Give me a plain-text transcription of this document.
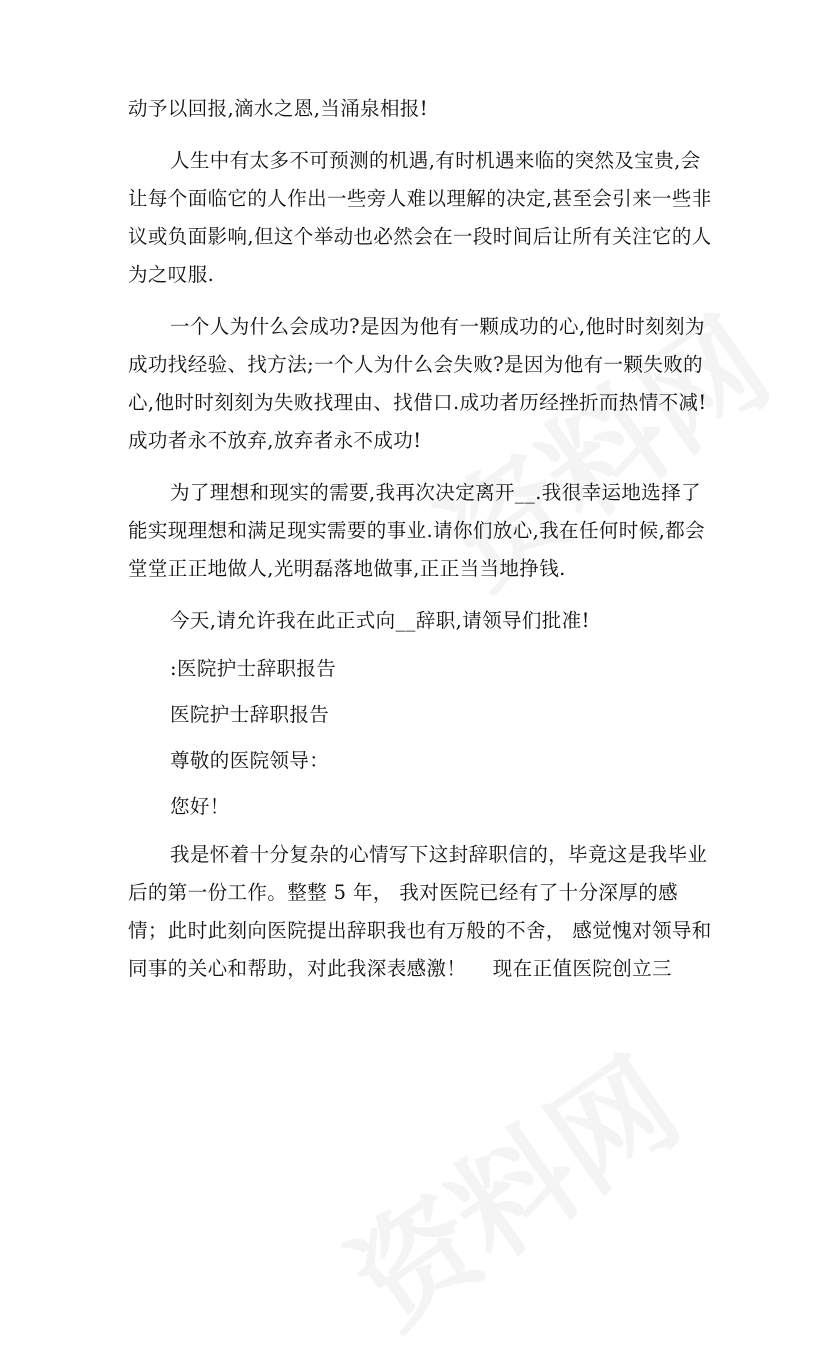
动予以回报,滴水之恩,当涌泉相报!

人生中有太多不可预测的机遇,有时机遇来临的突然及宝贵,会让每个面临它的人作出一些旁人难以理解的决定,甚至会引来一些非议或负面影响,但这个举动也必然会在一段时间后让所有关注它的人为之叹服.

一个人为什么会成功?是因为他有一颗成功的心,他时时刻刻为成功找经验、找方法;一个人为什么会失败?是因为他有一颗失败的心,他时时刻刻为失败找理由、找借口.成功者历经挫折而热情不减!成功者永不放弃,放弃者永不成功!

为了理想和现实的需要,我再次决定离开__.我很幸运地选择了能实现理想和满足现实需要的事业.请你们放心,我在任何时候,都会堂堂正正地做人,光明磊落地做事,正正当当地挣钱.

今天,请允许我在此正式向__辞职,请领导们批准!
:医院护士辞职报告
医院护士辞职报告
尊敬的医院领导：
您好！

我是怀着十分复杂的心情写下这封辞职信的，毕竟这是我毕业后的第一份工作。整整 5 年， 我对医院已经有了十分深厚的感情；此时此刻向医院提出辞职我也有万般的不舍， 感觉愧对领导和同事的关心和帮助，对此我深表感激！　 现在正值医院创立三
